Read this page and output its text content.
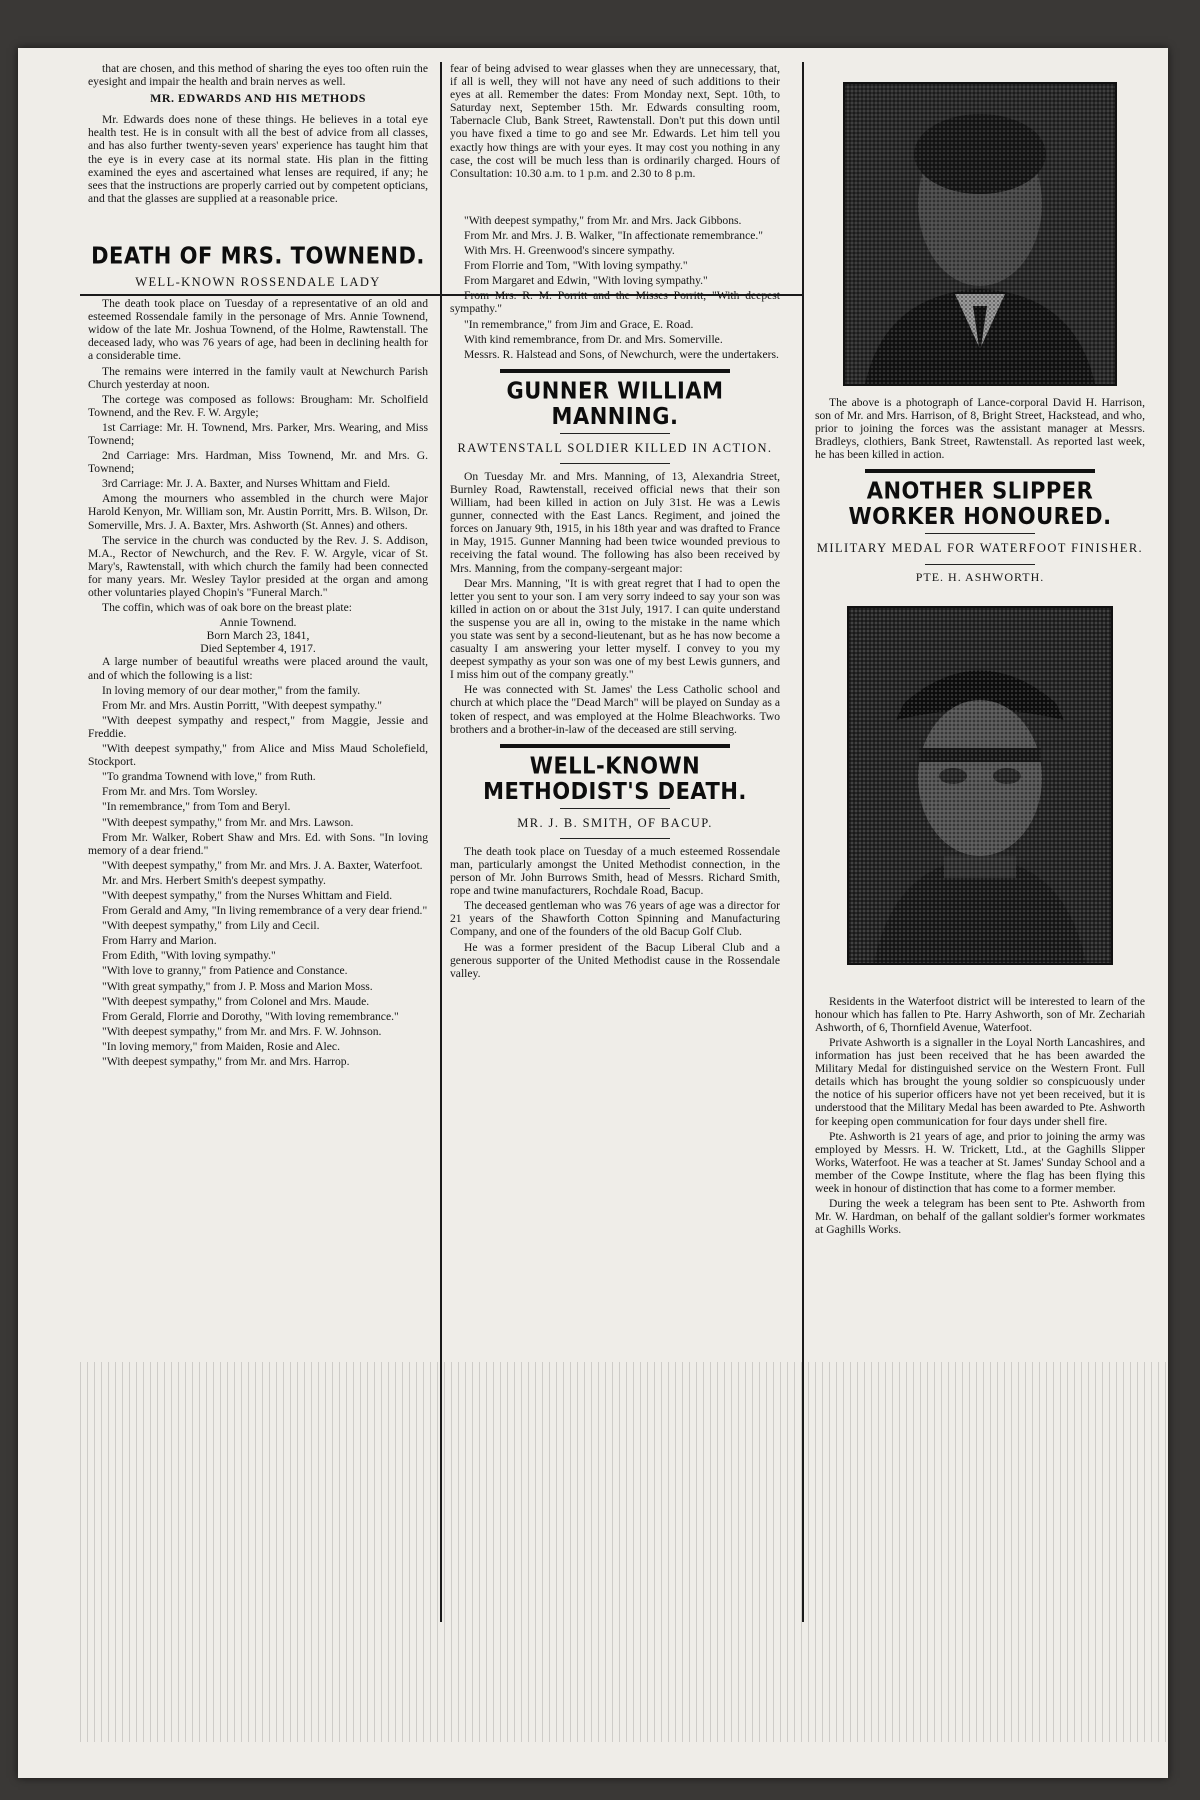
that are chosen, and this method of sharing the eyes too often ruin the eyesight and impair the health and brain nerves as well.

MR. EDWARDS AND HIS METHODS

Mr. Edwards does none of these things. He believes in a total eye health test. He is in consult with all the best of advice from all classes, and has also further twenty-seven years' experience has taught him that the eye is in every case at its normal state. His plan in the fitting examined the eyes and ascertained what lenses are required, if any; he sees that the instructions are properly carried out by competent opticians, and that the glasses are supplied at a reasonable price.

DEATH OF MRS. TOWNEND.
WELL-KNOWN ROSSENDALE LADY

The death took place on Tuesday of a representative of an old and esteemed Rossendale family in the personage of Mrs. Annie Townend, widow of the late Mr. Joshua Townend, of the Holme, Rawtenstall. The deceased lady, who was 76 years of age, had been in declining health for a considerable time.

The remains were interred in the family vault at Newchurch Parish Church yesterday at noon.

The cortege was composed as follows: Brougham: Mr. Scholfield Townend, and the Rev. F. W. Argyle;

1st Carriage: Mr. H. Townend, Mrs. Parker, Mrs. Wearing, and Miss Townend;

2nd Carriage: Mrs. Hardman, Miss Townend, Mr. and Mrs. G. Townend;

3rd Carriage: Mr. J. A. Baxter, and Nurses Whittam and Field.

Among the mourners who assembled in the church were Major Harold Kenyon, Mr. William son, Mr. Austin Porritt, Mrs. B. Wilson, Dr. Somerville, Mrs. J. A. Baxter, Mrs. Ashworth (St. Annes) and others.

The service in the church was conducted by the Rev. J. S. Addison, M.A., Rector of Newchurch, and the Rev. F. W. Argyle, vicar of St. Mary's, Rawtenstall, with which church the family had been connected for many years. Mr. Wesley Taylor presided at the organ and among other voluntaries played Chopin's "Funeral March."

The coffin, which was of oak bore on the breast plate:

Annie Townend.

Born March 23, 1841,

Died September 4, 1917.

A large number of beautiful wreaths were placed around the vault, and of which the following is a list:

In loving memory of our dear mother," from the family.

From Mr. and Mrs. Austin Porritt, "With deepest sympathy."

"With deepest sympathy and respect," from Maggie, Jessie and Freddie.

"With deepest sympathy," from Alice and Miss Maud Scholefield, Stockport.

"To grandma Townend with love," from Ruth.

From Mr. and Mrs. Tom Worsley.

"In remembrance," from Tom and Beryl.

"With deepest sympathy," from Mr. and Mrs. Lawson.

From Mr. Walker, Robert Shaw and Mrs. Ed. with Sons. "In loving memory of a dear friend."

"With deepest sympathy," from Mr. and Mrs. J. A. Baxter, Waterfoot.

Mr. and Mrs. Herbert Smith's deepest sympathy.

"With deepest sympathy," from the Nurses Whittam and Field.

From Gerald and Amy, "In living remembrance of a very dear friend."

"With deepest sympathy," from Lily and Cecil.

From Harry and Marion.

From Edith, "With loving sympathy."

"With love to granny," from Patience and Constance.

"With great sympathy," from J. P. Moss and Marion Moss.

"With deepest sympathy," from Colonel and Mrs. Maude.

From Gerald, Florrie and Dorothy, "With loving remembrance."

"With deepest sympathy," from Mr. and Mrs. F. W. Johnson.

"In loving memory," from Maiden, Rosie and Alec.

"With deepest sympathy," from Mr. and Mrs. Harrop.

fear of being advised to wear glasses when they are unnecessary, that, if all is well, they will not have any need of such additions to their eyes at all. Remember the dates: From Monday next, Sept. 10th, to Saturday next, September 15th. Mr. Edwards consulting room, Tabernacle Club, Bank Street, Rawtenstall. Don't put this down until you have fixed a time to go and see Mr. Edwards. Let him tell you exactly how things are with your eyes. It may cost you nothing in any case, the cost will be much less than is ordinarily charged. Hours of Consultation: 10.30 a.m. to 1 p.m. and 2.30 to 8 p.m.

"With deepest sympathy," from Mr. and Mrs. Jack Gibbons.

From Mr. and Mrs. J. B. Walker, "In affectionate remembrance."

With Mrs. H. Greenwood's sincere sympathy.

From Florrie and Tom, "With loving sympathy."

From Margaret and Edwin, "With loving sympathy."

From Mrs. R. M. Porritt and the Misses Porritt, "With deepest sympathy."

"In remembrance," from Jim and Grace, E. Road.

With kind remembrance, from Dr. and Mrs. Somerville.

Messrs. R. Halstead and Sons, of Newchurch, were the undertakers.

GUNNER WILLIAM MANNING.
RAWTENSTALL SOLDIER KILLED IN ACTION.

On Tuesday Mr. and Mrs. Manning, of 13, Alexandria Street, Burnley Road, Rawtenstall, received official news that their son William, had been killed in action on July 31st. He was a Lewis gunner, connected with the East Lancs. Regiment, and joined the forces on January 9th, 1915, in his 18th year and was drafted to France in May, 1915. Gunner Manning had been twice wounded previous to receiving the fatal wound. The following has also been received by Mrs. Manning, from the company-sergeant major:

Dear Mrs. Manning, "It is with great regret that I had to open the letter you sent to your son. I am very sorry indeed to say your son was killed in action on or about the 31st July, 1917. I can quite understand the suspense you are all in, owing to the mistake in the name which you state was sent by a second-lieutenant, but as he has now become a casualty I am answering your letter myself. I convey to you my deepest sympathy as your son was one of my best Lewis gunners, and I miss him out of the company greatly."

He was connected with St. James' the Less Catholic school and church at which place the "Dead March" will be played on Sunday as a token of respect, and was employed at the Holme Bleachworks. Two brothers and a brother-in-law of the deceased are still serving.

WELL-KNOWN METHODIST'S DEATH.
MR. J. B. SMITH, OF BACUP.

The death took place on Tuesday of a much esteemed Rossendale man, particularly amongst the United Methodist connection, in the person of Mr. John Burrows Smith, head of Messrs. Richard Smith, rope and twine manufacturers, Rochdale Road, Bacup.

The deceased gentleman who was 76 years of age was a director for 21 years of the Shawforth Cotton Spinning and Manufacturing Company, and one of the founders of the old Bacup Golf Club.

He was a former president of the Bacup Liberal Club and a generous supporter of the United Methodist cause in the Rossendale valley.

The above is a photograph of Lance-corporal David H. Harrison, son of Mr. and Mrs. Harrison, of 8, Bright Street, Hackstead, and who, prior to joining the forces was the assistant manager at Messrs. Bradleys, clothiers, Bank Street, Rawtenstall. As reported last week, he has been killed in action.

ANOTHER SLIPPER WORKER HONOURED.
MILITARY MEDAL FOR WATERFOOT FINISHER.
PTE. H. ASHWORTH.

Residents in the Waterfoot district will be interested to learn of the honour which has fallen to Pte. Harry Ashworth, son of Mr. Zechariah Ashworth, of 6, Thornfield Avenue, Waterfoot.

Private Ashworth is a signaller in the Loyal North Lancashires, and information has just been received that he has been awarded the Military Medal for distinguished service on the Western Front. Full details which has brought the young soldier so conspicuously under the notice of his superior officers have not yet been received, but it is understood that the Military Medal has been awarded to Pte. Ashworth for keeping open communication for four days under shell fire.

Pte. Ashworth is 21 years of age, and prior to joining the army was employed by Messrs. H. W. Trickett, Ltd., at the Gaghills Slipper Works, Waterfoot. He was a teacher at St. James' Sunday School and a member of the Cowpe Institute, where the flag has been flying this week in honour of distinction that has come to a former member.

During the week a telegram has been sent to Pte. Ashworth from Mr. W. Hardman, on behalf of the gallant soldier's former workmates at Gaghills Works.
